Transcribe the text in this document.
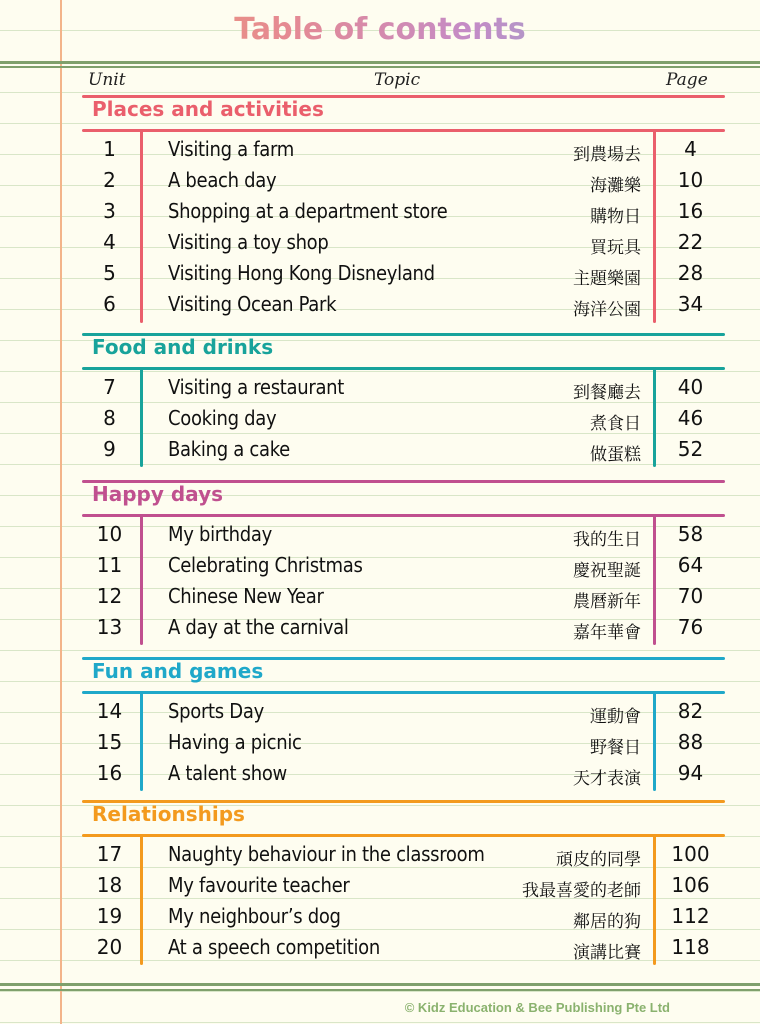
Table of contents
Unit	Topic	Page
Places and activities
1	Visiting a farm	到農場去	4
2	A beach day	海灘樂	10
3	Shopping at a department store	購物日	16
4	Visiting a toy shop	買玩具	22
5	Visiting Hong Kong Disneyland	主題樂園	28
6	Visiting Ocean Park	海洋公園	34
Food and drinks
7	Visiting a restaurant	到餐廳去	40
8	Cooking day	煮食日	46
9	Baking a cake	做蛋糕	52
Happy days
10	My birthday	我的生日	58
11	Celebrating Christmas	慶祝聖誕	64
12	Chinese New Year	農曆新年	70
13	A day at the carnival	嘉年華會	76
Fun and games
14	Sports Day	運動會	82
15	Having a picnic	野餐日	88
16	A talent show	天才表演	94
Relationships
17	Naughty behaviour in the classroom	頑皮的同學	100
18	My favourite teacher	我最喜愛的老師	106
19	My neighbour’s dog	鄰居的狗	112
20	At a speech competition	演講比賽	118
© Kidz Education & Bee Publishing Pte Ltd
